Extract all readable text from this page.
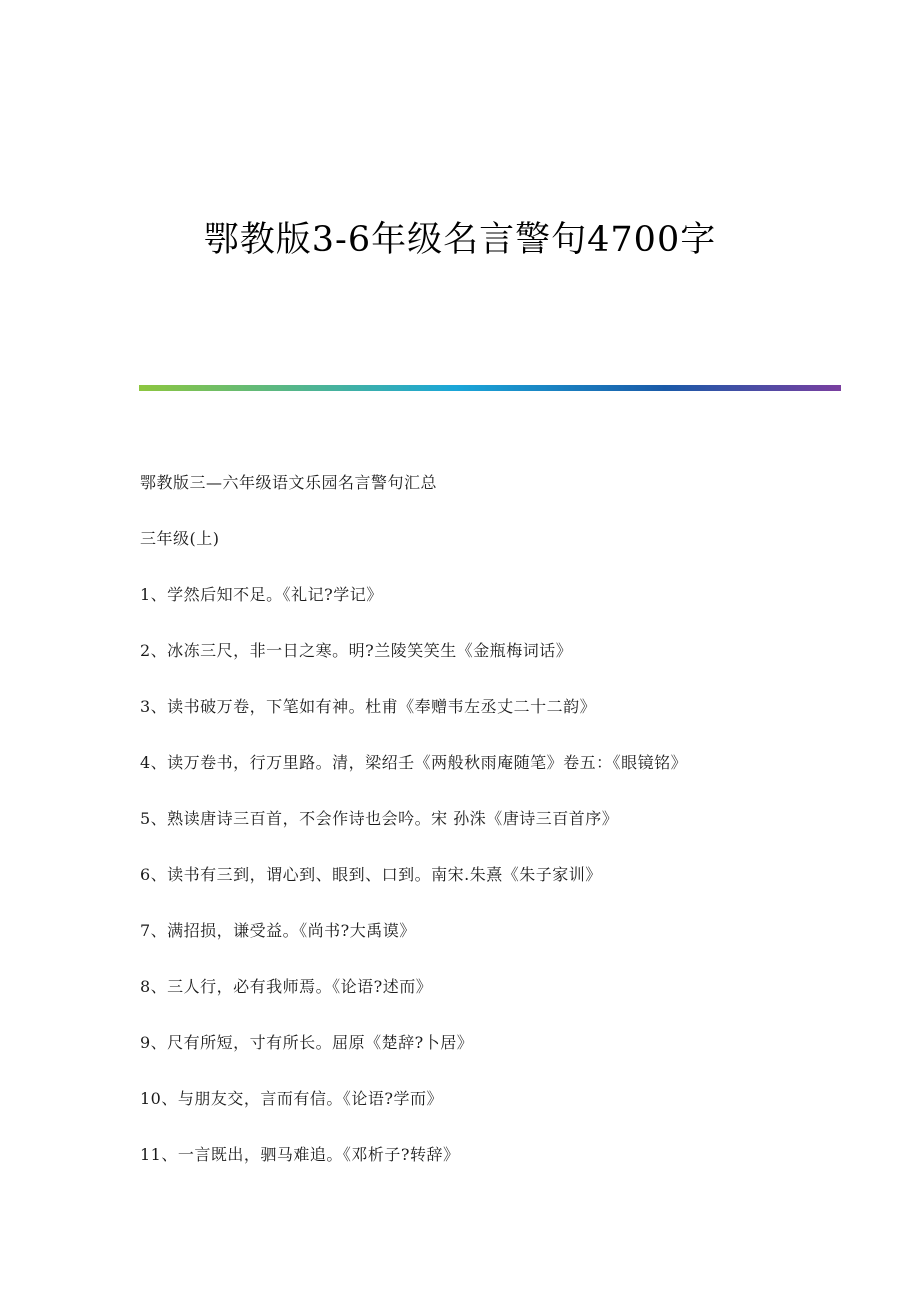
鄂教版3-6年级名言警句4700字
鄂教版三—六年级语文乐园名言警句汇总
三年级(上)
1、学然后知不足。《礼记?学记》
2、冰冻三尺，非一日之寒。明?兰陵笑笑生《金瓶梅词话》
3、读书破万卷，下笔如有神。杜甫《奉赠韦左丞丈二十二韵》
4、读万卷书，行万里路。清，梁绍壬《两般秋雨庵随笔》卷五：《眼镜铭》
5、熟读唐诗三百首，不会作诗也会吟。宋 孙洙《唐诗三百首序》
6、读书有三到，谓心到、眼到、口到。南宋.朱熹《朱子家训》
7、满招损，谦受益。《尚书?大禹谟》
8、三人行，必有我师焉。《论语?述而》
9、尺有所短，寸有所长。屈原《楚辞?卜居》
10、与朋友交，言而有信。《论语?学而》
11、一言既出，驷马难追。《邓析子?转辞》
